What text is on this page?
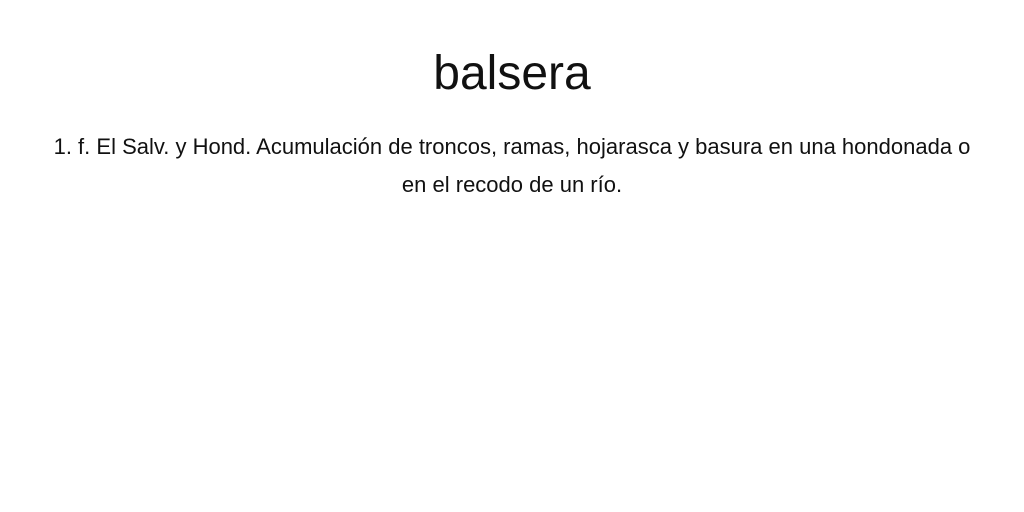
balsera

1. f. El Salv. y Hond. Acumulación de troncos, ramas, hojarasca y basura en una hondonada o en el recodo de un río.
